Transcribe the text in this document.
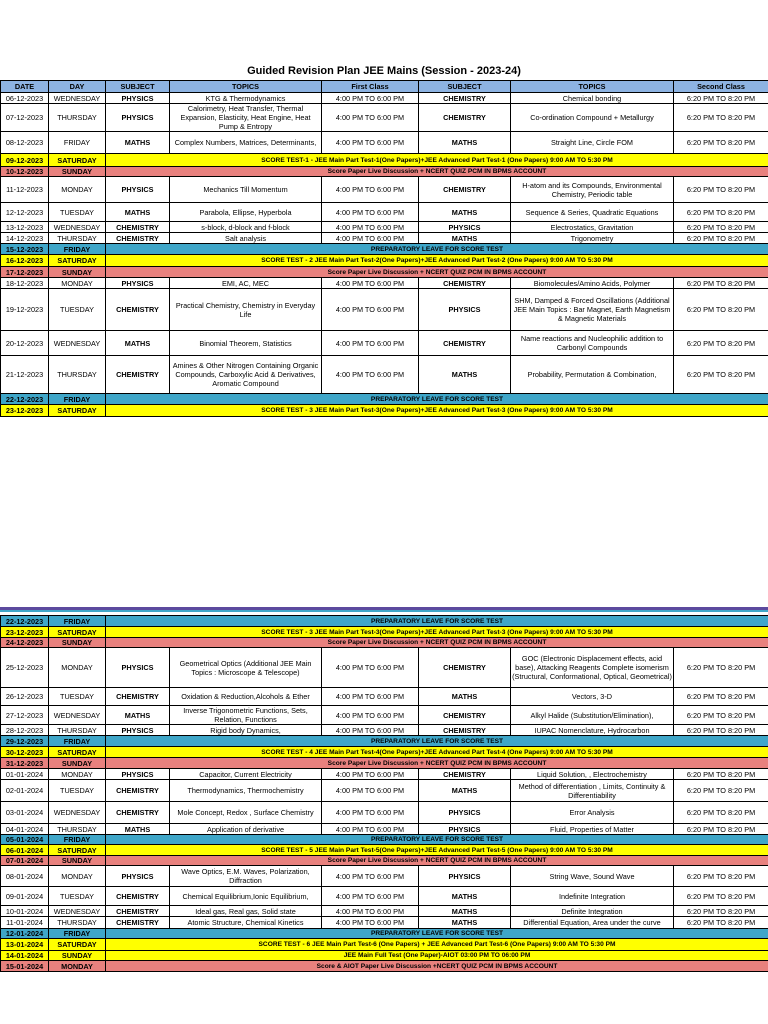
Guided Revision Plan JEE Mains (Session - 2023-24)
DATE	DAY	SUBJECT	TOPICS	First Class	SUBJECT	TOPICS	Second Class
06-12-2023	WEDNESDAY	PHYSICS	KTG & Thermodynamics	4:00 PM TO 6:00 PM	CHEMISTRY	Chemical bonding	6:20 PM TO 8:20 PM
07-12-2023	THURSDAY	PHYSICS	Calorimetry, Heat Transfer, Thermal Expansion, Elasticity, Heat Engine, Heat Pump & Entropy	4:00 PM TO 6:00 PM	CHEMISTRY	Co-ordination Compound + Metallurgy	6:20 PM TO 8:20 PM
08-12-2023	FRIDAY	MATHS	Complex Numbers, Matrices, Determinants,	4:00 PM TO 6:00 PM	MATHS	Straight Line, Circle FOM	6:20 PM TO 8:20 PM
09-12-2023	SATURDAY	SCORE TEST-1 - JEE Main Part Test-1(One Papers)+JEE Advanced Part Test-1 (One Papers) 9:00 AM TO 5:30 PM					
10-12-2023	SUNDAY	Score Paper Live Discussion + NCERT QUIZ PCM IN BPMS ACCOUNT					
11-12-2023	MONDAY	PHYSICS	Mechanics Till Momentum	4:00 PM TO 6:00 PM	CHEMISTRY	H-atom and its Compounds, Environmental Chemistry, Periodic table	6:20 PM TO 8:20 PM
12-12-2023	TUESDAY	MATHS	Parabola, Ellipse, Hyperbola	4:00 PM TO 6:00 PM	MATHS	Sequence & Series, Quadratic Equations	6:20 PM TO 8:20 PM
13-12-2023	WEDNESDAY	CHEMISTRY	s-block, d-block and f-block	4:00 PM TO 6:00 PM	PHYSICS	Electrostatics, Gravitation	6:20 PM TO 8:20 PM
14-12-2023	THURSDAY	CHEMISTRY	Salt analysis	4:00 PM TO 6:00 PM	MATHS	Trigonometry	6:20 PM TO 8:20 PM
15-12-2023	FRIDAY	PREPARATORY LEAVE FOR SCORE TEST					
16-12-2023	SATURDAY	SCORE TEST - 2 JEE Main Part Test-2(One Papers)+JEE Advanced Part Test-2 (One Papers) 9:00 AM TO 5:30 PM					
17-12-2023	SUNDAY	Score Paper Live Discussion + NCERT QUIZ PCM IN BPMS ACCOUNT					
18-12-2023	MONDAY	PHYSICS	EMI, AC, MEC	4:00 PM TO 6:00 PM	CHEMISTRY	Biomolecules/Amino Acids, Polymer	6:20 PM TO 8:20 PM
19-12-2023	TUESDAY	CHEMISTRY	Practical Chemistry, Chemistry in Everyday Life	4:00 PM TO 6:00 PM	PHYSICS	SHM, Damped & Forced Oscillations (Additional JEE Main Topics : Bar Magnet, Earth Magnetism & Magnetic Materials	6:20 PM TO 8:20 PM
20-12-2023	WEDNESDAY	MATHS	Binomial Theorem, Statistics	4:00 PM TO 6:00 PM	CHEMISTRY	Name reactions and Nucleophilic addition to Carbonyl Compounds	6:20 PM TO 8:20 PM
21-12-2023	THURSDAY	CHEMISTRY	Amines & Other Nitrogen Containing Organic Compounds, Carboxylic Acid & Derivatives, Aromatic Compound	4:00 PM TO 6:00 PM	MATHS	Probability, Permutation & Combination,	6:20 PM TO 8:20 PM
22-12-2023	FRIDAY	PREPARATORY LEAVE FOR SCORE TEST					
23-12-2023	SATURDAY	SCORE TEST - 3 JEE Main Part Test-3(One Papers)+JEE Advanced Part Test-3 (One Papers) 9:00 AM TO 5:30 PM					
22-12-2023	FRIDAY	PREPARATORY LEAVE FOR SCORE TEST					
23-12-2023	SATURDAY	SCORE TEST - 3 JEE Main Part Test-3(One Papers)+JEE Advanced Part Test-3 (One Papers) 9:00 AM TO 5:30 PM					
24-12-2023	SUNDAY	Score Paper Live Discussion + NCERT QUIZ PCM IN BPMS ACCOUNT					
25-12-2023	MONDAY	PHYSICS	Geometrical Optics (Additional JEE Main Topics : Microscope & Telescope)	4:00 PM TO 6:00 PM	CHEMISTRY	GOC (Electronic Displacement effects, acid base), Attacking Reagents Complete isomerism (Structural, Conformational, Optical, Geometrical)	6:20 PM TO 8:20 PM
26-12-2023	TUESDAY	CHEMISTRY	Oxidation & Reduction,Alcohols & Ether	4:00 PM TO 6:00 PM	MATHS	Vectors, 3-D	6:20 PM TO 8:20 PM
27-12-2023	WEDNESDAY	MATHS	Inverse Trigonometric Functions, Sets, Relation, Functions	4:00 PM TO 6:00 PM	CHEMISTRY	Alkyl Halide (Substitution/Elimination),	6:20 PM TO 8:20 PM
28-12-2023	THURSDAY	PHYSICS	Rigid body Dynamics,	4:00 PM TO 6:00 PM	CHEMISTRY	IUPAC Nomenclature, Hydrocarbon	6:20 PM TO 8:20 PM
29-12-2023	FRIDAY	PREPARATORY LEAVE FOR SCORE TEST					
30-12-2023	SATURDAY	SCORE TEST - 4 JEE Main Part Test-4(One Papers)+JEE Advanced Part Test-4 (One Papers) 9:00 AM TO 5:30 PM					
31-12-2023	SUNDAY	Score Paper Live Discussion + NCERT QUIZ PCM IN BPMS ACCOUNT					
01-01-2024	MONDAY	PHYSICS	Capacitor, Current Electricity	4:00 PM TO 6:00 PM	CHEMISTRY	Liquid Solution, , Electrochemistry	6:20 PM TO 8:20 PM
02-01-2024	TUESDAY	CHEMISTRY	Thermodynamics, Thermochemistry	4:00 PM TO 6:00 PM	MATHS	Method of differentiation , Limits, Continuity & Differentiability	6:20 PM TO 8:20 PM
03-01-2024	WEDNESDAY	CHEMISTRY	Mole Concept, Redox , Surface Chemistry	4:00 PM TO 6:00 PM	PHYSICS	Error Analysis	6:20 PM TO 8:20 PM
04-01-2024	THURSDAY	MATHS	Application of derivative	4:00 PM TO 6:00 PM	PHYSICS	Fluid, Properties of Matter	6:20 PM TO 8:20 PM
05-01-2024	FRIDAY	PREPARATORY LEAVE FOR SCORE TEST					
06-01-2024	SATURDAY	SCORE TEST - 5 JEE Main Part Test-5(One Papers)+JEE Advanced Part Test-5 (One Papers) 9:00 AM TO 5:30 PM					
07-01-2024	SUNDAY	Score Paper Live Discussion + NCERT QUIZ PCM IN BPMS ACCOUNT					
08-01-2024	MONDAY	PHYSICS	Wave Optics, E.M. Waves, Polarization, Diffraction	4:00 PM TO 6:00 PM	PHYSICS	String Wave, Sound Wave	6:20 PM TO 8:20 PM
09-01-2024	TUESDAY	CHEMISTRY	Chemical Equilibrium,Ionic Equilibrium,	4:00 PM TO 6:00 PM	MATHS	Indefinite Integration	6:20 PM TO 8:20 PM
10-01-2024	WEDNESDAY	CHEMISTRY	Ideal gas, Real gas, Solid state	4:00 PM TO 6:00 PM	MATHS	Definite Integration	6:20 PM TO 8:20 PM
11-01-2024	THURSDAY	CHEMISTRY	Atomic Structure, Chemical Kinetics	4:00 PM TO 6:00 PM	MATHS	Differential Equation, Area under the curve	6:20 PM TO 8:20 PM
12-01-2024	FRIDAY	PREPARATORY LEAVE FOR SCORE TEST					
13-01-2024	SATURDAY	SCORE TEST - 6 JEE Main Part Test-6 (One Papers) + JEE Advanced Part Test-6 (One Papers) 9:00 AM TO 5:30 PM					
14-01-2024	SUNDAY	JEE Main Full Test (One Paper)-AIOT 03:00 PM TO 06:00 PM					
15-01-2024	MONDAY	Score & AIOT Paper Live Discussion +NCERT QUIZ PCM IN BPMS ACCOUNT					
